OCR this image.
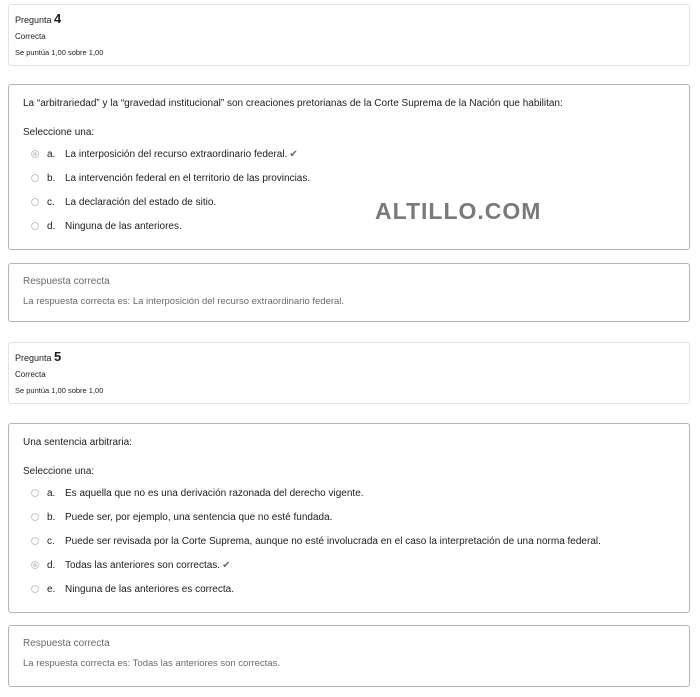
Pregunta 4
Correcta
Se puntúa 1,00 sobre 1,00
La “arbitrariedad” y la “gravedad institucional” son creaciones pretorianas de la Corte Suprema de la Nación que habilitan:
Seleccione una:
a. La interposición del recurso extraordinario federal. ✔
b. La intervención federal en el territorio de las provincias.
c.	La declaración del estado de sitio.
d. Ninguna de las anteriores.
Respuesta correcta
La respuesta correcta es: La interposición del recurso extraordinario federal.
Pregunta 5
Correcta
Se puntúa 1,00 sobre 1,00
Una sentencia arbitraria:
Seleccione una:
a. Es aquella que no es una derivación razonada del derecho vigente.
b. Puede ser, por ejemplo, una sentencia que no esté fundada.
c.	Puede ser revisada por la Corte Suprema, aunque no esté involucrada en el caso la interpretación de una norma federal.
d. Todas las anteriores son correctas. ✔
e. Ninguna de las anteriores es correcta.
Respuesta correcta
La respuesta correcta es: Todas las anteriores son correctas.
ALTILLO.COM
